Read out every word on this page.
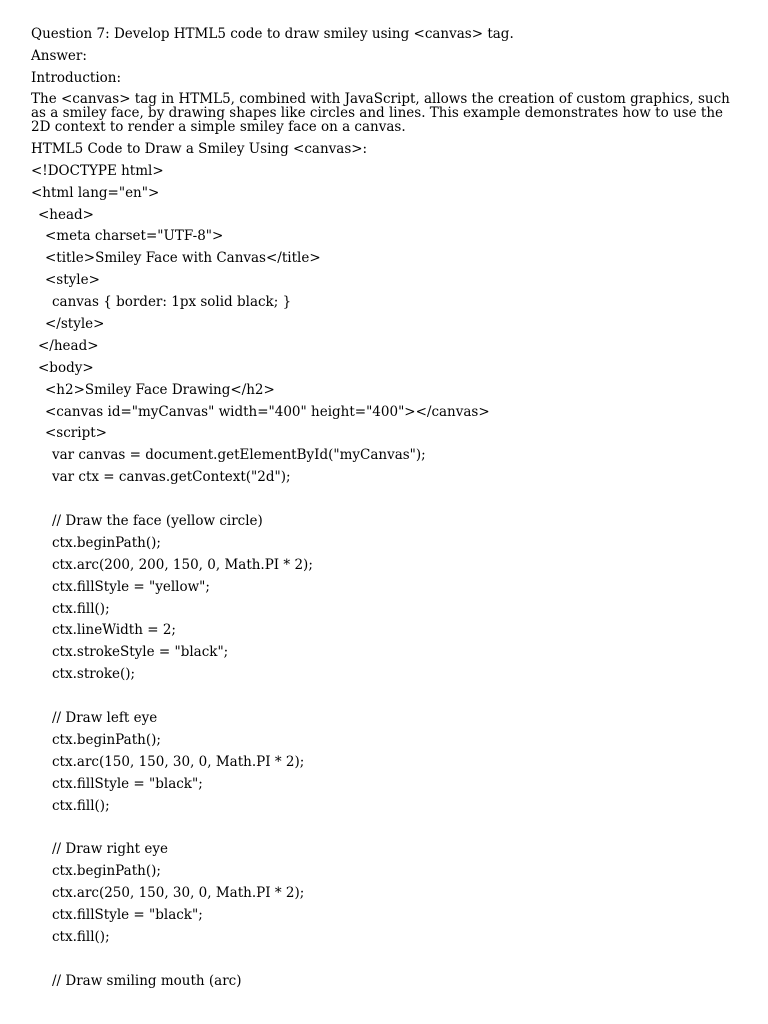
Question 7: Develop HTML5 code to draw smiley using <canvas> tag.
Answer:
Introduction:
The <canvas> tag in HTML5, combined with JavaScript, allows the creation of custom graphics, such as a smiley face, by drawing shapes like circles and lines. This example demonstrates how to use the 2D context to render a simple smiley face on a canvas.
HTML5 Code to Draw a Smiley Using <canvas>:
<!DOCTYPE html>
<html lang="en">
<head>
<meta charset="UTF-8">
<title>Smiley Face with Canvas</title>
<style>
canvas { border: 1px solid black; }
</style>
</head>
<body>
<h2>Smiley Face Drawing</h2>
<canvas id="myCanvas" width="400" height="400"></canvas>
<script>
var canvas = document.getElementById("myCanvas");
var ctx = canvas.getContext("2d");
// Draw the face (yellow circle)
ctx.beginPath();
ctx.arc(200, 200, 150, 0, Math.PI * 2);
ctx.fillStyle = "yellow";
ctx.fill();
ctx.lineWidth = 2;
ctx.strokeStyle = "black";
ctx.stroke();
// Draw left eye
ctx.beginPath();
ctx.arc(150, 150, 30, 0, Math.PI * 2);
ctx.fillStyle = "black";
ctx.fill();
// Draw right eye
ctx.beginPath();
ctx.arc(250, 150, 30, 0, Math.PI * 2);
ctx.fillStyle = "black";
ctx.fill();
// Draw smiling mouth (arc)
